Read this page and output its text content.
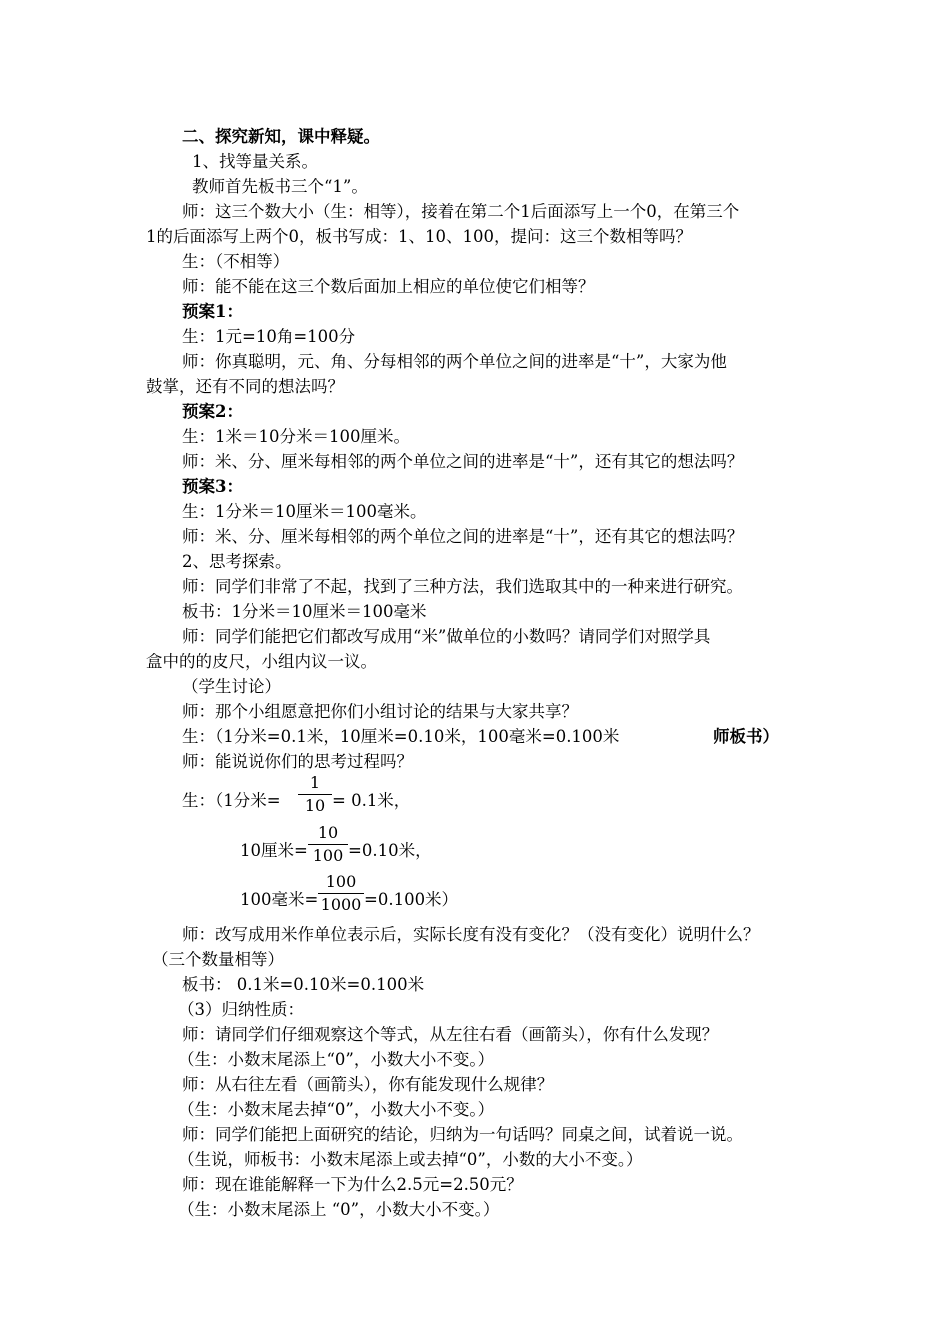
二、探究新知，课中释疑。
1、找等量关系。
教师首先板书三个“1”。
师：这三个数大小（生：相等），接着在第二个1后面添写上一个0，在第三个
1的后面添写上两个0，板书写成：1、10、100，提问：这三个数相等吗？
生：（不相等）
师：能不能在这三个数后面加上相应的单位使它们相等？
预案1：
生：1元=10角=100分
师：你真聪明，元、角、分每相邻的两个单位之间的进率是“十”，大家为他
鼓掌，还有不同的想法吗？
预案2：
生：1米＝10分米＝100厘米。
师：米、分、厘米每相邻的两个单位之间的进率是“十”，还有其它的想法吗？
预案3：
生：1分米＝10厘米＝100毫米。
师：米、分、厘米每相邻的两个单位之间的进率是“十”，还有其它的想法吗？
2、思考探索。
师：同学们非常了不起，找到了三种方法，我们选取其中的一种来进行研究。
板书：1分米＝10厘米＝100毫米
师：同学们能把它们都改写成用“米”做单位的小数吗？请同学们对照学具
盒中的的皮尺，小组内议一议。
（学生讨论）
师：那个小组愿意把你们小组讨论的结果与大家共享？
生：（1分米=0.1米，10厘米=0.10米，100毫米=0.100米	师板书）
师：能说说你们的思考过程吗？
生：（1分米=
1
10 = 0.1米，
10厘米=
10
100 =0.10米，
100毫米=
100
1000 =0.100米）
师：改写成用米作单位表示后，实际长度有没有变化？（没有变化）说明什么？
（三个数量相等）
板书： 0.1米=0.10米=0.100米
（3）归纳性质：
师：请同学们仔细观察这个等式，从左往右看（画箭头），你有什么发现？
（生：小数末尾添上“0”，小数大小不变。）
师：从右往左看（画箭头），你有能发现什么规律？
（生：小数末尾去掉“0”，小数大小不变。）
师：同学们能把上面研究的结论，归纳为一句话吗？同桌之间，试着说一说。
（生说，师板书：小数末尾添上或去掉“0”，小数的大小不变。）
师：现在谁能解释一下为什么2.5元=2.50元？
（生：小数末尾添上 “0”，小数大小不变。）
